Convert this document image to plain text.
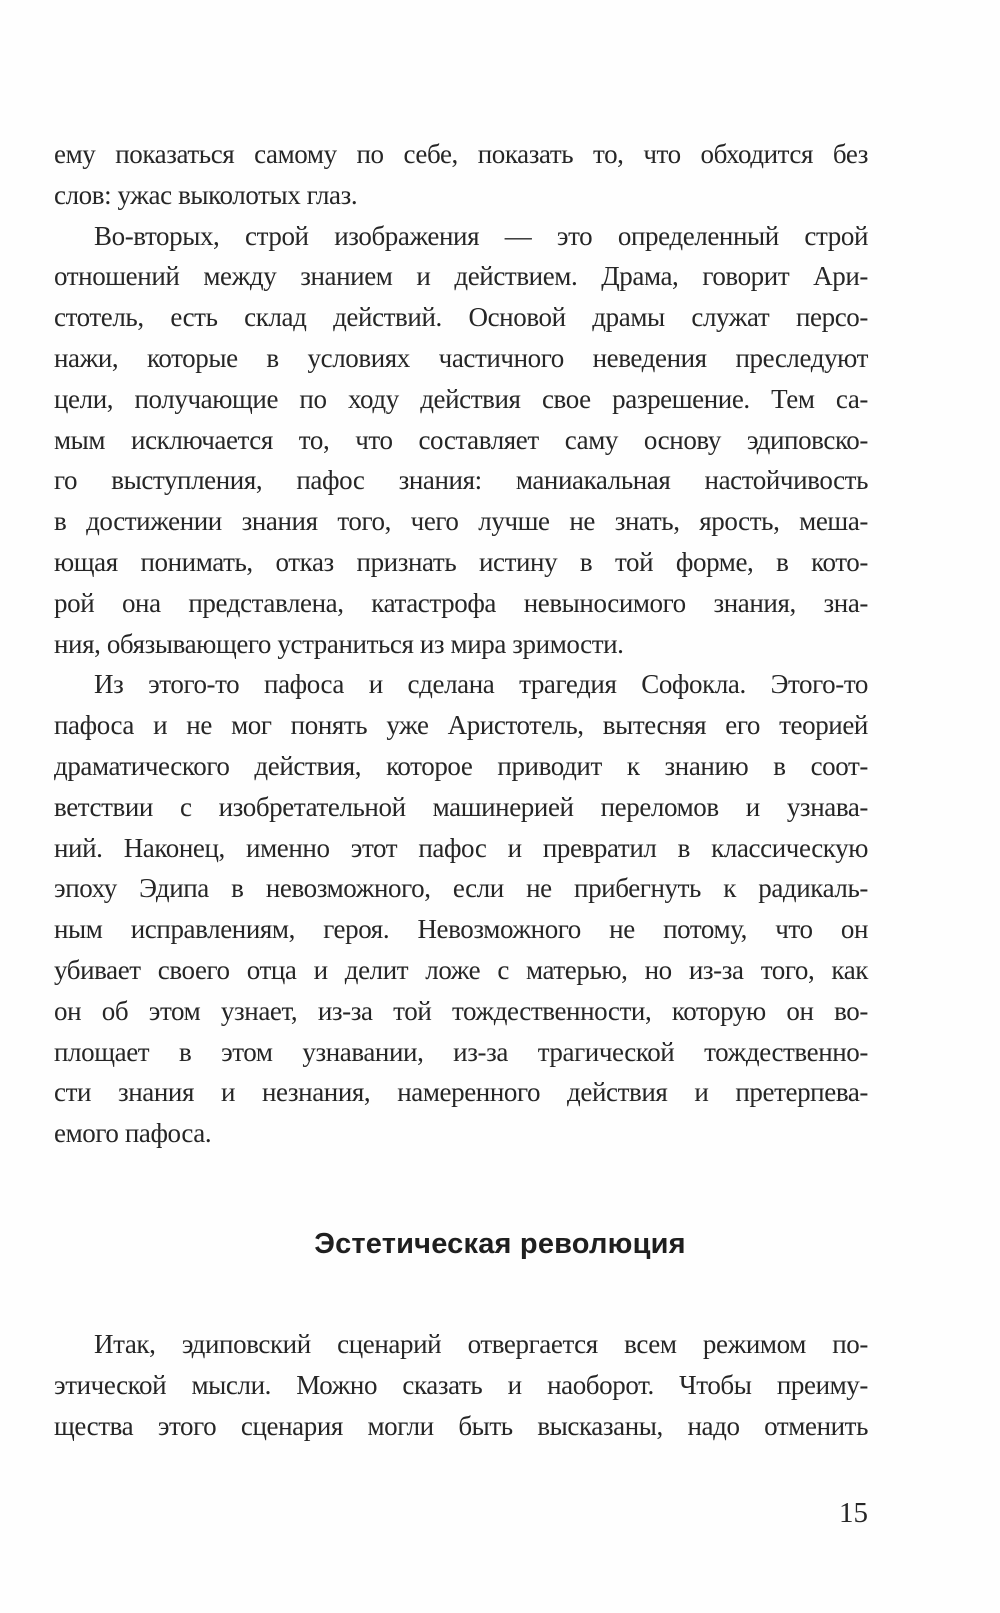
ему показаться самому по себе, показать то, что обходится без
слов: ужас выколотых глаз.
Во-вторых, строй изображения — это определенный строй
отношений между знанием и действием. Драма, говорит Ари-
стотель, есть склад действий. Основой драмы служат персо-
нажи, которые в условиях частичного неведения преследуют
цели, получающие по ходу действия свое разрешение. Тем са-
мым исключается то, что составляет саму основу эдиповско-
го выступления, пафос знания: маниакальная настойчивость
в достижении знания того, чего лучше не знать, ярость, меша-
ющая понимать, отказ признать истину в той форме, в кото-
рой она представлена, катастрофа невыносимого знания, зна-
ния, обязывающего устраниться из мира зримости.
Из этого-то пафоса и сделана трагедия Софокла. Этого-то
пафоса и не мог понять уже Аристотель, вытесняя его теорией
драматического действия, которое приводит к знанию в соот-
ветствии с изобретательной машинерией переломов и узнава-
ний. Наконец, именно этот пафос и превратил в классическую
эпоху Эдипа в невозможного, если не прибегнуть к радикаль-
ным исправлениям, героя. Невозможного не потому, что он
убивает своего отца и делит ложе с матерью, но из-за того, как
он об этом узнает, из-за той тождественности, которую он во-
площает в этом узнавании, из-за трагической тождественно-
сти знания и незнания, намеренного действия и претерпева-
емого пафоса.
Эстетическая революция
Итак, эдиповский сценарий отвергается всем режимом по-
этической мысли. Можно сказать и наоборот. Чтобы преиму-
щества этого сценария могли быть высказаны, надо отменить
15
